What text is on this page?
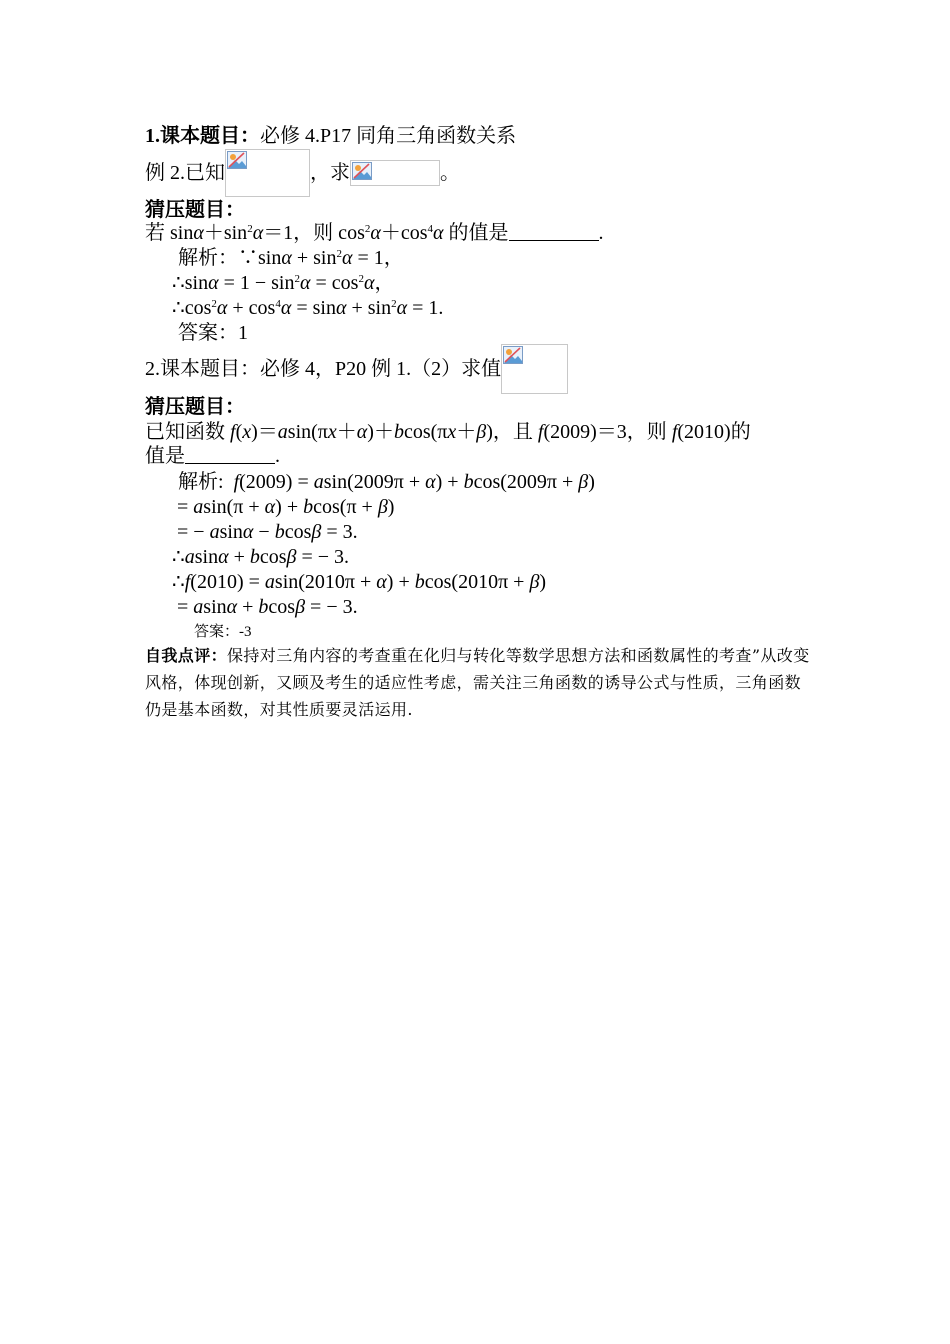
1.课本题目：必修 4.P17 同角三角函数关系
例 2.已知	，求	。
猜压题目：
若 $\sin\alpha+\sin^2\alpha=1$，则 $\cos^2\alpha+\cos^4\alpha$ 的值是	.
解析：∵sinα + $\sin^2\alpha = 1$，
∴sinα = $1 - \sin^2\alpha = \cos^2\alpha$，
$\therefore\cos^2\alpha + \cos^4\alpha = \sin\alpha + \sin^2\alpha = 1$.
答案：1
2.课本题目：必修 4，P20 例 1.（2）求值
猜压题目：
已知函数 f(x)＝asin(πx＋α)＋bcos(πx＋β)，且 f(2009)＝3，则 f(2010)的
值是	.
解析: f(2009) = asin(2009π + α) + bcos(2009π + β)
= asin(π + α) + bcos(π + β)
= − asinα − bcosβ = 3.
∴asinα + bcosβ = − 3.
∴f(2010) = asin(2010π + α) + bcos(2010π + β)
= asinα + bcosβ = − 3.
答案：-3
自我点评：保持对三角内容的考查重在化归与转化等数学思想方法和函数属性的考查”从改变风格，体现创新，又顾及考生的适应性考虑，需关注三角函数的诱导公式与性质，三角函数仍是基本函数，对其性质要灵活运用.
